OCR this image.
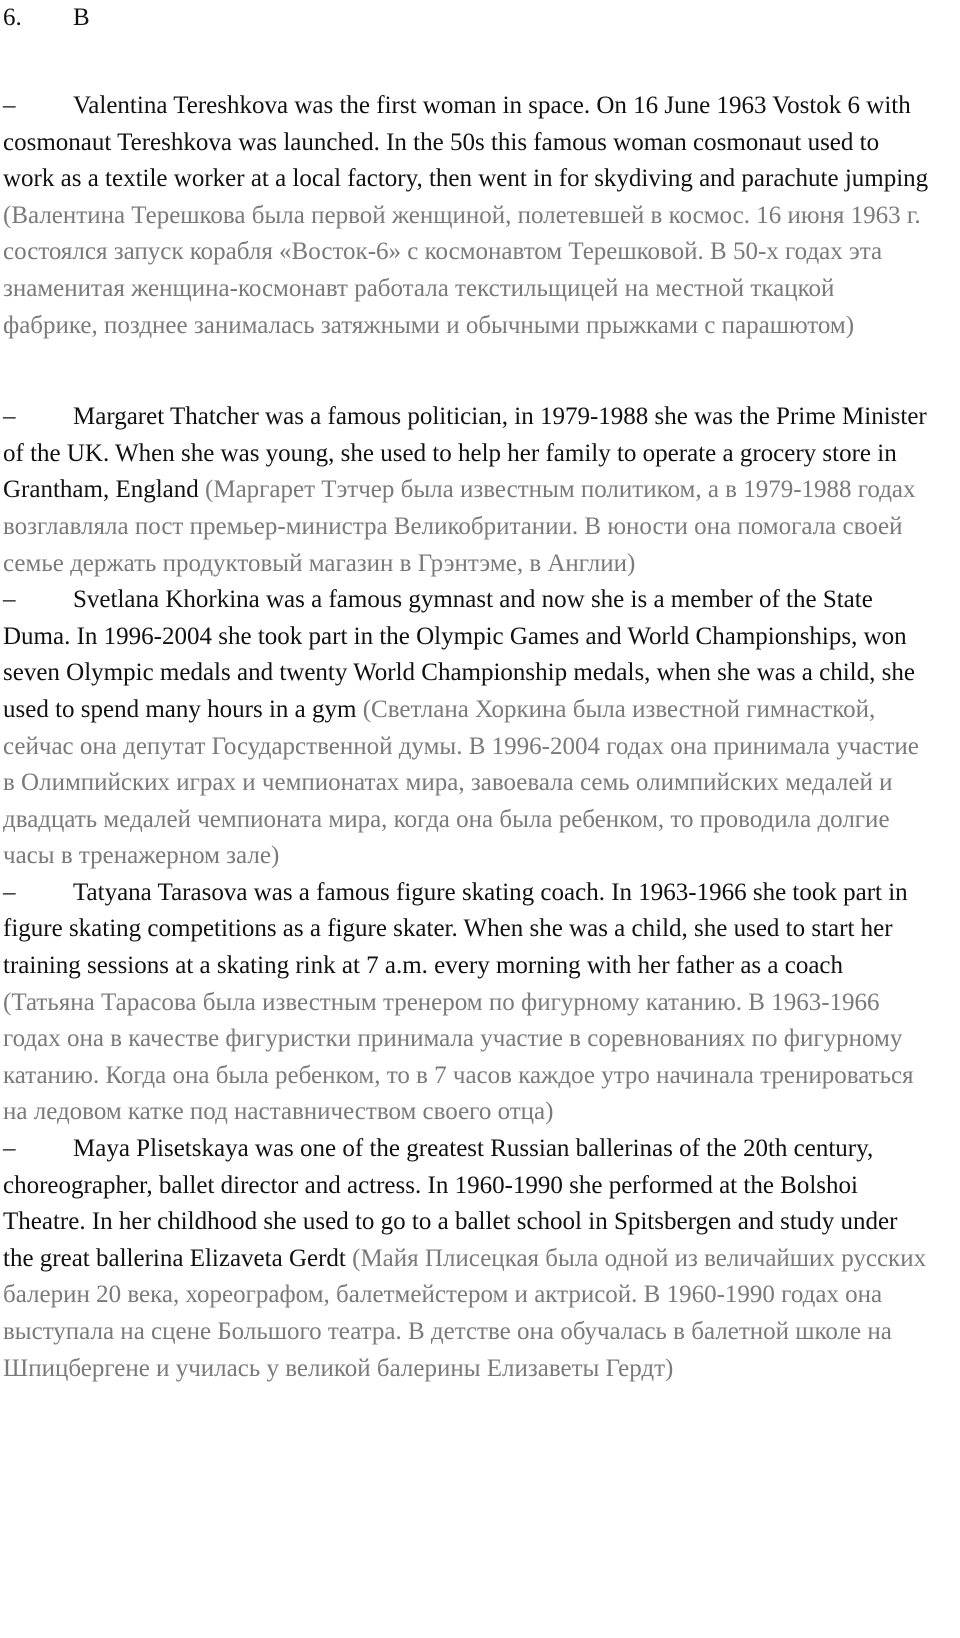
6.	B

– Valentina Tereshkova was the first woman in space. On 16 June 1963 Vostok 6 with cosmonaut Tereshkova was launched. In the 50s this famous woman cosmonaut used to work as a textile worker at a local factory, then went in for skydiving and parachute jumping (Валентина Терешкова была первой женщиной, полетевшей в космос. 16 июня 1963 г. состоялся запуск корабля «Восток-6» с космонавтом Терешковой. В 50-х годах эта знаменитая женщина-космонавт работала текстильщицей на местной ткацкой фабрике, позднее занималась затяжными и обычными прыжками с парашютом)

– Margaret Thatcher was a famous politician, in 1979-1988 she was the Prime Minister of the UK. When she was young, she used to help her family to operate a grocery store in Grantham, England (Маргарет Тэтчер была известным политиком, а в 1979-1988 годах возглавляла пост премьер-министра Великобритании. В юности она помогала своей семье держать продуктовый магазин в Грэнтэме, в Англии)

– Svetlana Khorkina was a famous gymnast and now she is a member of the State Duma. In 1996-2004 she took part in the Olympic Games and World Championships, won seven Olympic medals and twenty World Championship medals, when she was a child, she used to spend many hours in a gym (Светлана Хоркина была известной гимнасткой, сейчас она депутат Государственной думы. В 1996-2004 годах она принимала участие в Олимпийских играх и чемпионатах мира, завоевала семь олимпийских медалей и двадцать медалей чемпионата мира, когда она была ребенком, то проводила долгие часы в тренажерном зале)

– Tatyana Tarasova was a famous figure skating coach. In 1963-1966 she took part in figure skating competitions as a figure skater. When she was a child, she used to start her training sessions at a skating rink at 7 a.m. every morning with her father as a coach (Татьяна Тарасова была известным тренером по фигурному катанию. В 1963-1966 годах она в качестве фигуристки принимала участие в соревнованиях по фигурному катанию. Когда она была ребенком, то в 7 часов каждое утро начинала тренироваться на ледовом катке под наставничеством своего отца)

– Maya Plisetskaya was one of the greatest Russian ballerinas of the 20th century, choreographer, ballet director and actress. In 1960-1990 she performed at the Bolshoi Theatre. In her childhood she used to go to a ballet school in Spitsbergen and study under the great ballerina Elizaveta Gerdt (Майя Плисецкая была одной из величайших русских балерин 20 века, хореографом, балетмейстером и актрисой. В 1960-1990 годах она выступала на сцене Большого театра. В детстве она обучалась в балетной школе на Шпицбергене и училась у великой балерины Елизаветы Гердт)
